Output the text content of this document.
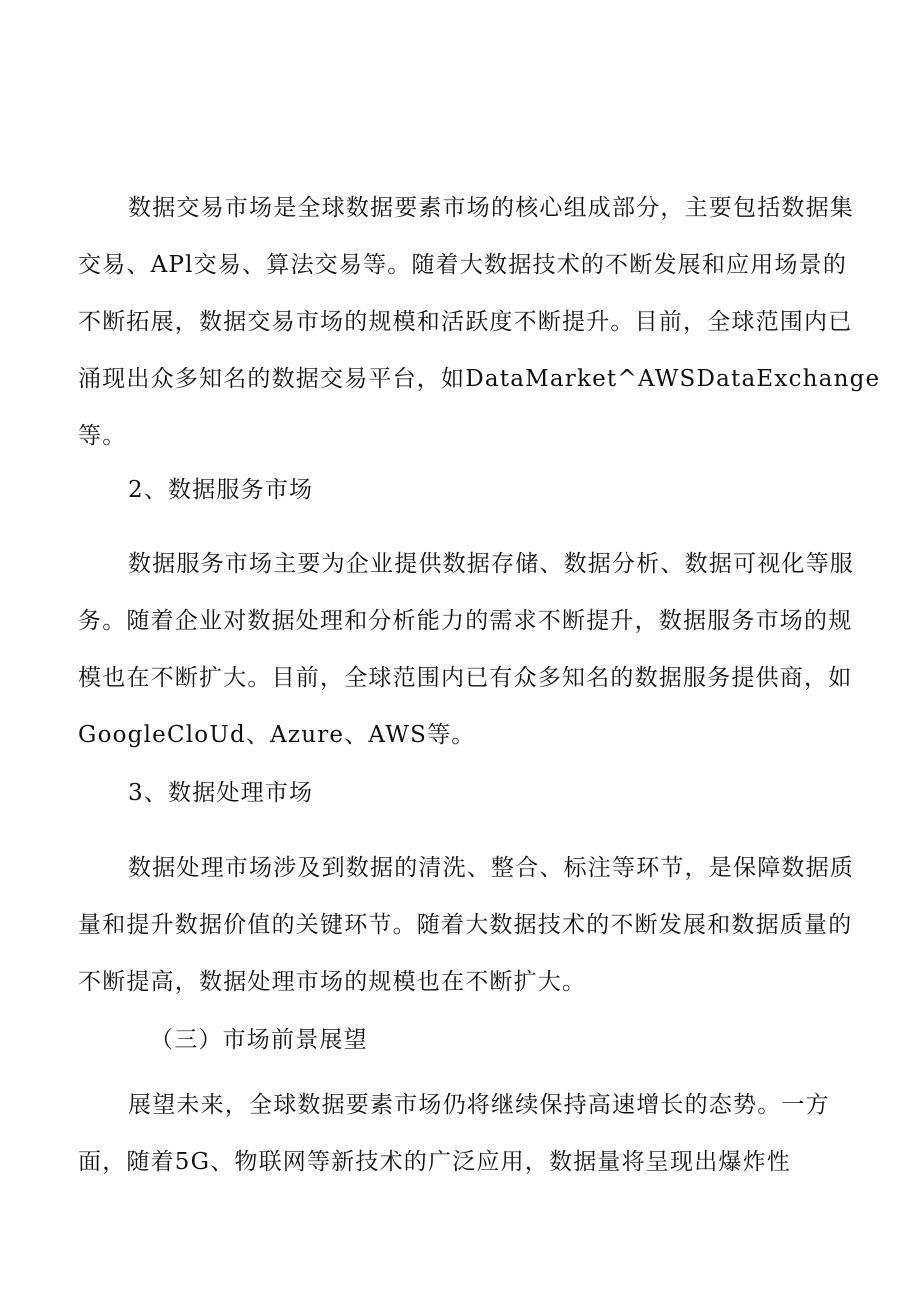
数据交易市场是全球数据要素市场的核心组成部分，主要包括数据集
交易、APl交易、算法交易等。随着大数据技术的不断发展和应用场景的
不断拓展，数据交易市场的规模和活跃度不断提升。目前，全球范围内已
涌现出众多知名的数据交易平台，如DataMarket^AWSDataExchange
等。
2、数据服务市场
数据服务市场主要为企业提供数据存储、数据分析、数据可视化等服
务。随着企业对数据处理和分析能力的需求不断提升，数据服务市场的规
模也在不断扩大。目前，全球范围内已有众多知名的数据服务提供商，如
GoogleCloUd、Azure、AWS等。
3、数据处理市场
数据处理市场涉及到数据的清洗、整合、标注等环节，是保障数据质
量和提升数据价值的关键环节。随着大数据技术的不断发展和数据质量的
不断提高，数据处理市场的规模也在不断扩大。
（三）市场前景展望
展望未来，全球数据要素市场仍将继续保持高速增长的态势。一方
面，随着5G、物联网等新技术的广泛应用，数据量将呈现出爆炸性
